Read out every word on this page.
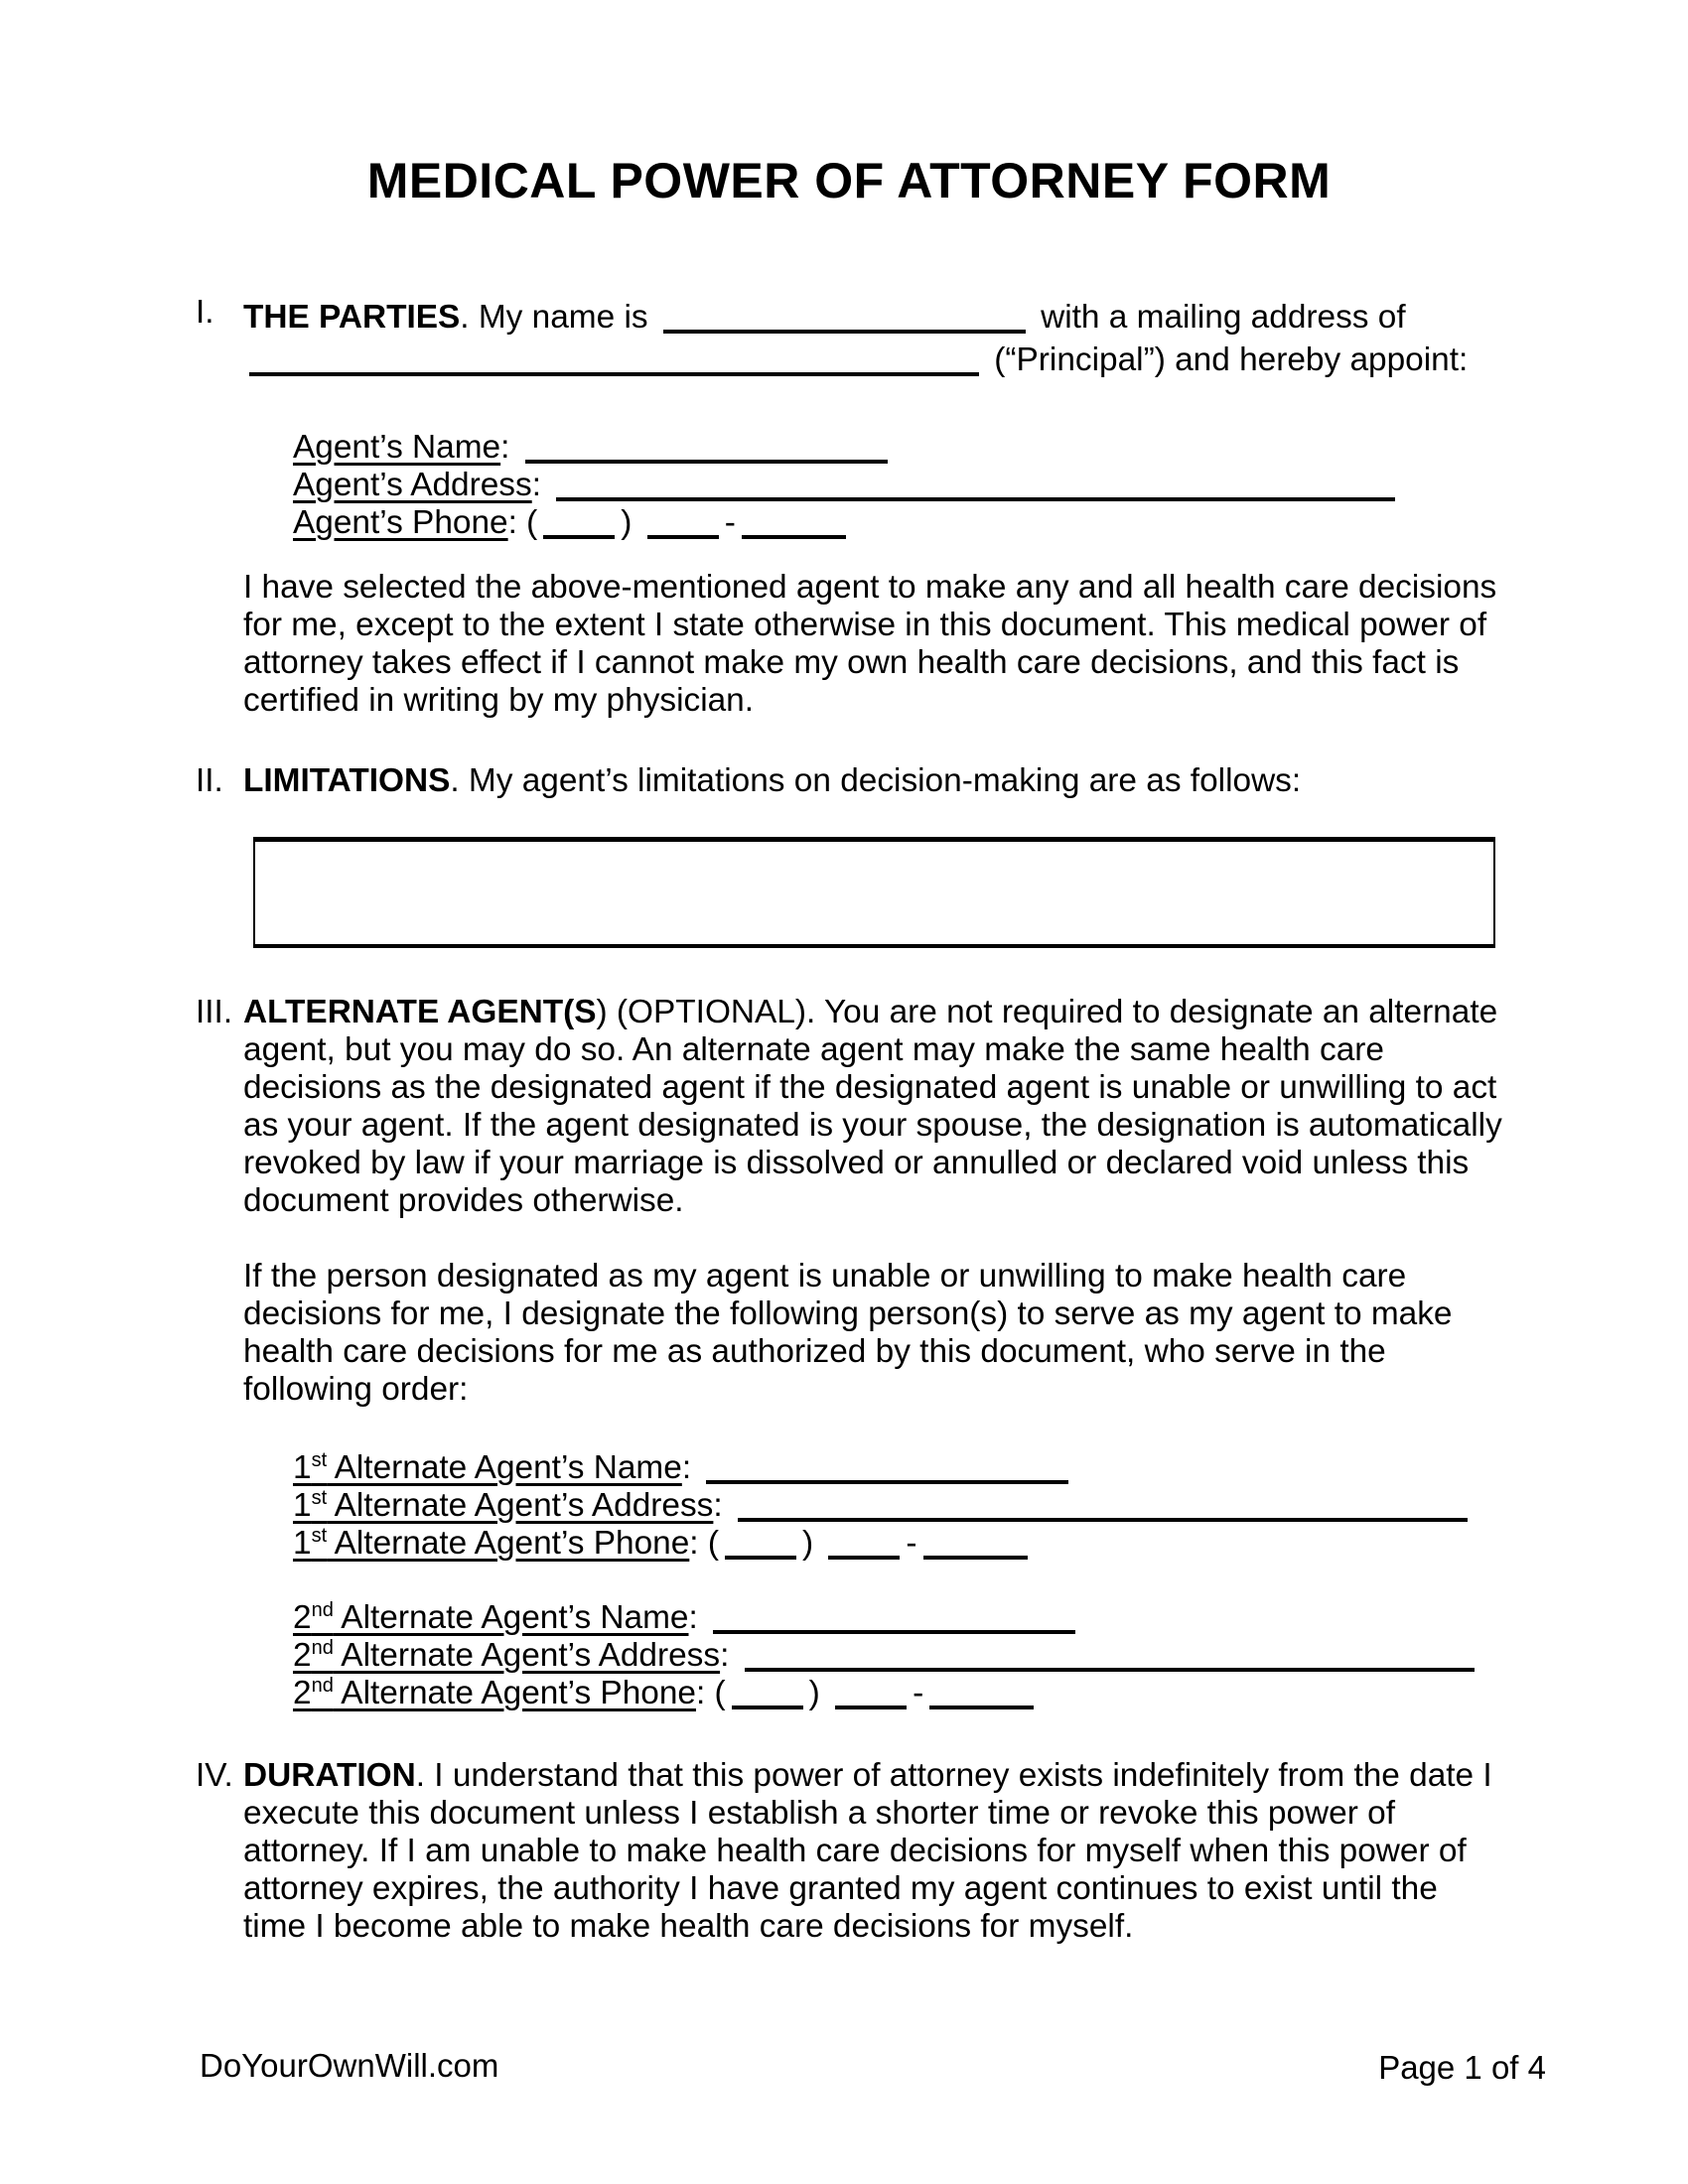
MEDICAL POWER OF ATTORNEY FORM
I. THE PARTIES. My name is	with a mailing address of  (“Principal”) and hereby appoint:

Agent’s Name:
Agent’s Address:
Agent’s Phone: (	)	-

I have selected the above-mentioned agent to make any and all health care decisions for me, except to the extent I state otherwise in this document. This medical power of attorney takes effect if I cannot make my own health care decisions, and this fact is certified in writing by my physician.

II. LIMITATIONS. My agent’s limitations on decision-making are as follows:

III. ALTERNATE AGENT(S) (OPTIONAL). You are not required to designate an alternate agent, but you may do so. An alternate agent may make the same health care decisions as the designated agent if the designated agent is unable or unwilling to act as your agent. If the agent designated is your spouse, the designation is automatically revoked by law if your marriage is dissolved or annulled or declared void unless this document provides otherwise.

If the person designated as my agent is unable or unwilling to make health care decisions for me, I designate the following person(s) to serve as my agent to make health care decisions for me as authorized by this document, who serve in the following order:

1st Alternate Agent’s Name:
1st Alternate Agent’s Address:
1st Alternate Agent’s Phone: (	)	-
2nd Alternate Agent’s Name:
2nd Alternate Agent’s Address:
2nd Alternate Agent’s Phone: (	)	-
IV. DURATION. I understand that this power of attorney exists indefinitely from the date I execute this document unless I establish a shorter time or revoke this power of attorney. If I am unable to make health care decisions for myself when this power of attorney expires, the authority I have granted my agent continues to exist until the time I become able to make health care decisions for myself.

DoYourOwnWill.com	Page 1 of 4
